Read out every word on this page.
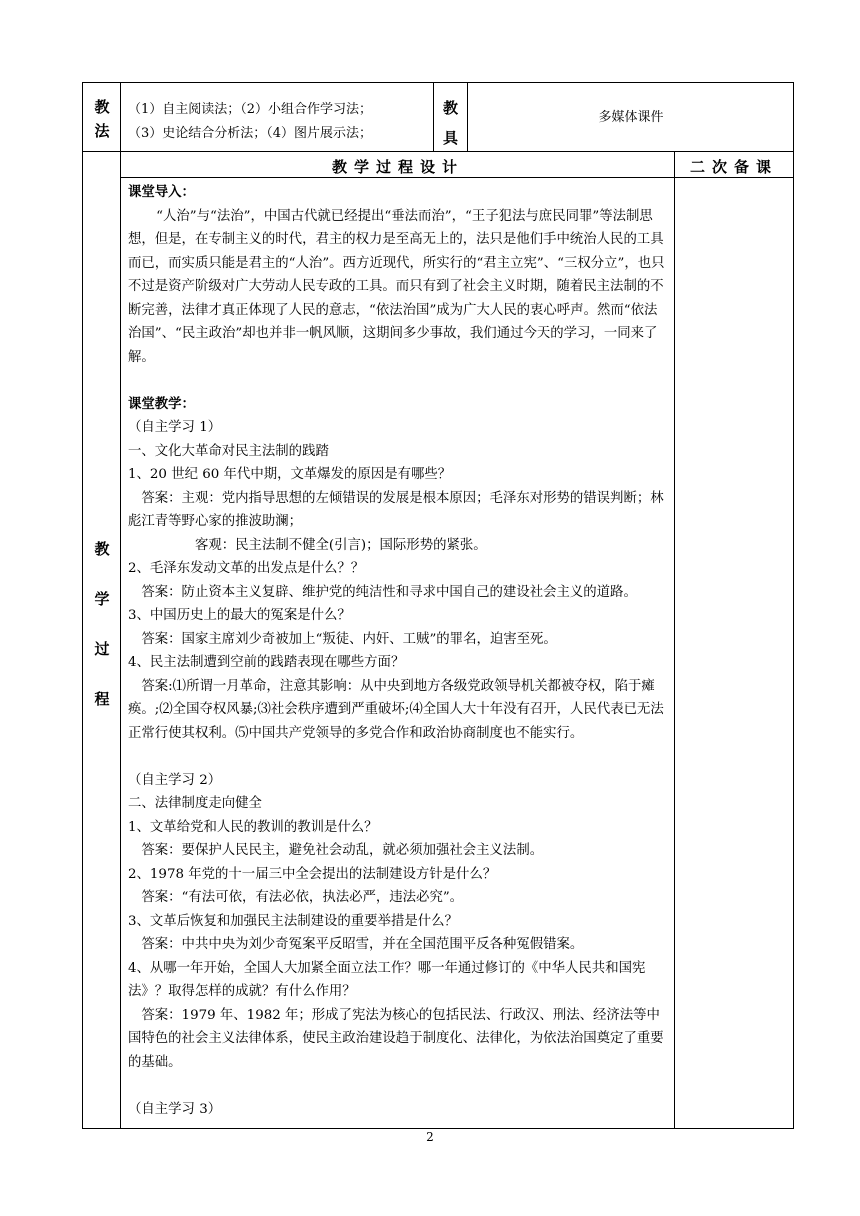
教
法
（1）自主阅读法；（2）小组合作学习法；
（3）史论结合分析法；（4）图片展示法；
教
具
多媒体课件
教学过程设计	二次备课
教
学
过
程

课堂导入：

“人治”与“法治”，中国古代就已经提出“垂法而治”，“王子犯法与庶民同罪”等法制思想，但是，在专制主义的时代，君主的权力是至高无上的，法只是他们手中统治人民的工具而已，而实质只能是君主的“人治”。西方近现代，所实行的“君主立宪”、“三权分立”，也只不过是资产阶级对广大劳动人民专政的工具。而只有到了社会主义时期，随着民主法制的不断完善，法律才真正体现了人民的意志，“依法治国”成为广大人民的衷心呼声。然而“依法治国”、“民主政治”却也并非一帆风顺，这期间多少事故，我们通过今天的学习，一同来了解。

课堂教学：

（自主学习 1）

一、文化大革命对民主法制的践踏

1、20 世纪 60 年代中期，文革爆发的原因是有哪些？

答案：主观：党内指导思想的左倾错误的发展是根本原因；毛泽东对形势的错误判断；林彪江青等野心家的推波助澜；

客观：民主法制不健全(引言)；国际形势的紧张。

2、毛泽东发动文革的出发点是什么？？

答案：防止资本主义复辟、维护党的纯洁性和寻求中国自己的建设社会主义的道路。

3、中国历史上的最大的冤案是什么？

答案：国家主席刘少奇被加上“叛徒、内奸、工贼”的罪名，迫害至死。

4、民主法制遭到空前的践踏表现在哪些方面？

答案:⑴所谓一月革命，注意其影响：从中央到地方各级党政领导机关都被夺权，陷于瘫痪。;⑵全国夺权风暴;⑶社会秩序遭到严重破坏;⑷全国人大十年没有召开，人民代表已无法正常行使其权利。⑸中国共产党领导的多党合作和政治协商制度也不能实行。

（自主学习 2）

二、法律制度走向健全

1、文革给党和人民的教训的教训是什么？

答案：要保护人民民主，避免社会动乱，就必须加强社会主义法制。

2、1978 年党的十一届三中全会提出的法制建设方针是什么？

答案：“有法可依，有法必依，执法必严，违法必究”。

3、文革后恢复和加强民主法制建设的重要举措是什么？

答案：中共中央为刘少奇冤案平反昭雪，并在全国范围平反各种冤假错案。

4、从哪一年开始，全国人大加紧全面立法工作？哪一年通过修订的《中华人民共和国宪法》？取得怎样的成就？有什么作用？

答案：1979 年、1982 年；形成了宪法为核心的包括民法、行政汉、刑法、经济法等中国特色的社会主义法律体系，使民主政治建设趋于制度化、法律化，为依法治国奠定了重要的基础。

（自主学习 3）

2
